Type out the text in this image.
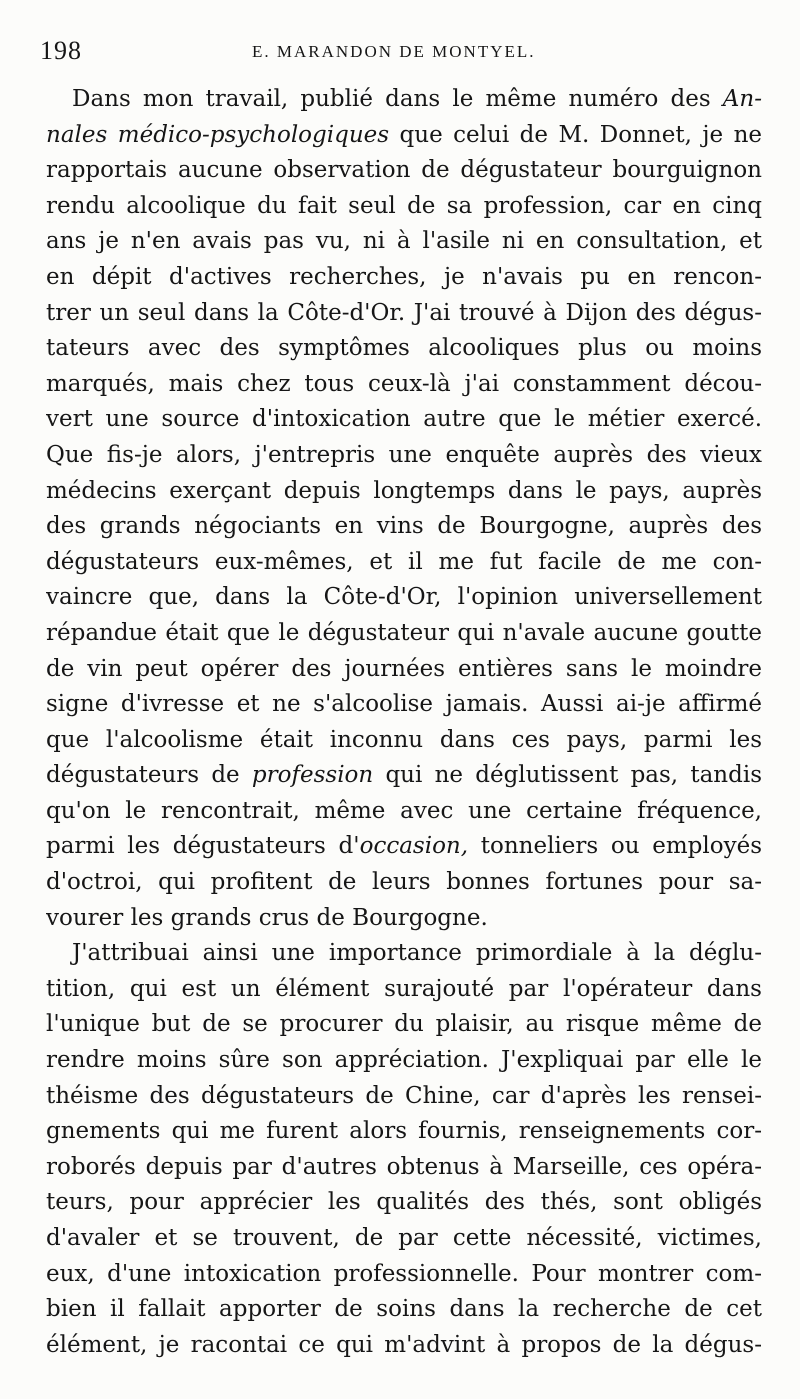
198	E. MARANDON DE MONTYEL.
Dans mon travail, publié dans le même numéro des An-
nales médico-psychologiques que celui de M. Donnet, je ne
rapportais aucune observation de dégustateur bourguignon
rendu alcoolique du fait seul de sa profession, car en cinq
ans je n'en avais pas vu, ni à l'asile ni en consultation, et
en dépit d'actives recherches, je n'avais pu en rencon-
trer un seul dans la Côte-d'Or. J'ai trouvé à Dijon des dégus-
tateurs avec des symptômes alcooliques plus ou moins
marqués, mais chez tous ceux-là j'ai constamment décou-
vert une source d'intoxication autre que le métier exercé.
Que fis-je alors, j'entrepris une enquête auprès des vieux
médecins exerçant depuis longtemps dans le pays, auprès
des grands négociants en vins de Bourgogne, auprès des
dégustateurs eux-mêmes, et il me fut facile de me con-
vaincre que, dans la Côte-d'Or, l'opinion universellement
répandue était que le dégustateur qui n'avale aucune goutte
de vin peut opérer des journées entières sans le moindre
signe d'ivresse et ne s'alcoolise jamais. Aussi ai-je affirmé
que l'alcoolisme était inconnu dans ces pays, parmi les
dégustateurs de profession qui ne déglutissent pas, tandis
qu'on le rencontrait, même avec une certaine fréquence,
parmi les dégustateurs d'occasion, tonneliers ou employés
d'octroi, qui profitent de leurs bonnes fortunes pour sa-
vourer les grands crus de Bourgogne.
J'attribuai ainsi une importance primordiale à la déglu-
tition, qui est un élément surajouté par l'opérateur dans
l'unique but de se procurer du plaisir, au risque même de
rendre moins sûre son appréciation. J'expliquai par elle le
théisme des dégustateurs de Chine, car d'après les rensei-
gnements qui me furent alors fournis, renseignements cor-
roborés depuis par d'autres obtenus à Marseille, ces opéra-
teurs, pour apprécier les qualités des thés, sont obligés
d'avaler et se trouvent, de par cette nécessité, victimes,
eux, d'une intoxication professionnelle. Pour montrer com-
bien il fallait apporter de soins dans la recherche de cet
élément, je racontai ce qui m'advint à propos de la dégus-
